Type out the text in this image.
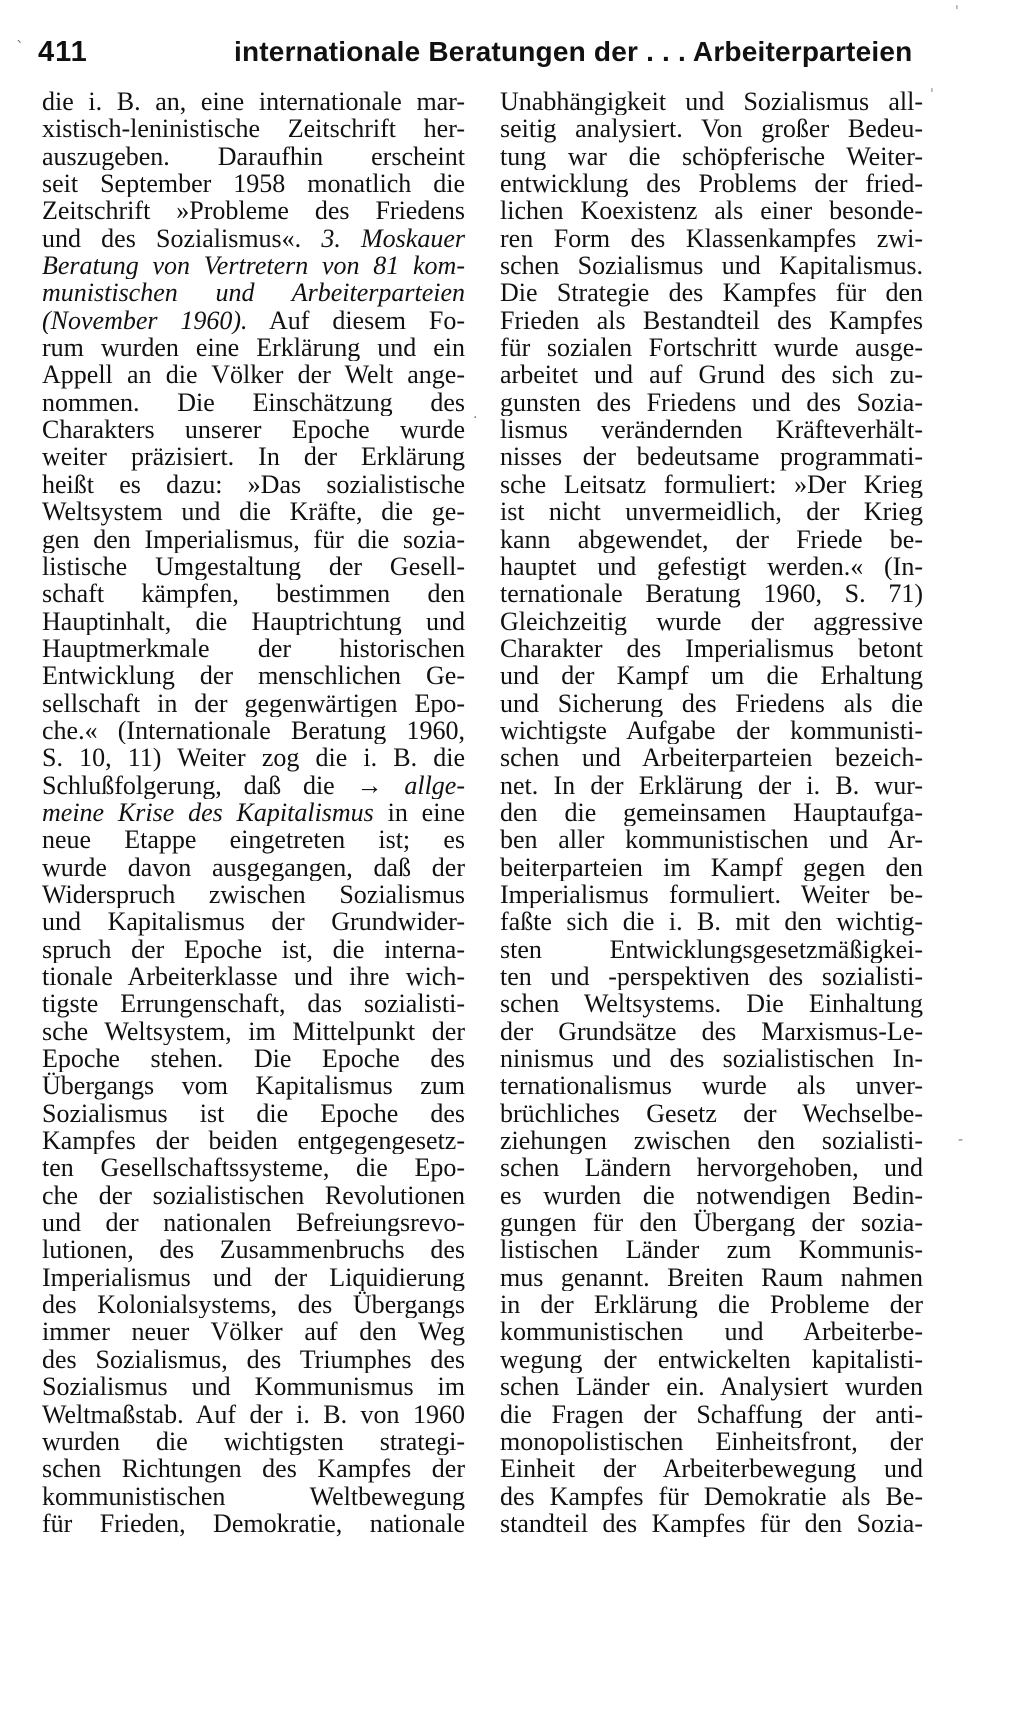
411	internationale Beratungen der . . . Arbeiterparteien
ˋ
ˈ
·
-
ˈ
die i. B. an, eine internationale mar-
xistisch-leninistische Zeitschrift her-
auszugeben. Daraufhin erscheint
seit September 1958 monatlich die
Zeitschrift »Probleme des Friedens
und des Sozialismus«. 3. Moskauer
Beratung von Vertretern von 81 kom-
munistischen und Arbeiterparteien
(November 1960). Auf diesem Fo-
rum wurden eine Erklärung und ein
Appell an die Völker der Welt ange-
nommen. Die Einschätzung des
Charakters unserer Epoche wurde
weiter präzisiert. In der Erklärung
heißt es dazu: »Das sozialistische
Weltsystem und die Kräfte, die ge-
gen den Imperialismus, für die sozia-
listische Umgestaltung der Gesell-
schaft kämpfen, bestimmen den
Hauptinhalt, die Hauptrichtung und
Hauptmerkmale der historischen
Entwicklung der menschlichen Ge-
sellschaft in der gegenwärtigen Epo-
che.« (Internationale Beratung 1960,
S. 10, 11) Weiter zog die i. B. die
Schlußfolgerung, daß die → allge-
meine Krise des Kapitalismus in eine
neue Etappe eingetreten ist; es
wurde davon ausgegangen, daß der
Widerspruch zwischen Sozialismus
und Kapitalismus der Grundwider-
spruch der Epoche ist, die interna-
tionale Arbeiterklasse und ihre wich-
tigste Errungenschaft, das sozialisti-
sche Weltsystem, im Mittelpunkt der
Epoche stehen. Die Epoche des
Übergangs vom Kapitalismus zum
Sozialismus ist die Epoche des
Kampfes der beiden entgegengesetz-
ten Gesellschaftssysteme, die Epo-
che der sozialistischen Revolutionen
und der nationalen Befreiungsrevo-
lutionen, des Zusammenbruchs des
Imperialismus und der Liquidierung
des Kolonialsystems, des Übergangs
immer neuer Völker auf den Weg
des Sozialismus, des Triumphes des
Sozialismus und Kommunismus im
Weltmaßstab. Auf der i. B. von 1960
wurden die wichtigsten strategi-
schen Richtungen des Kampfes der
kommunistischen Weltbewegung
für Frieden, Demokratie, nationale
Unabhängigkeit und Sozialismus all-
seitig analysiert. Von großer Bedeu-
tung war die schöpferische Weiter-
entwicklung des Problems der fried-
lichen Koexistenz als einer besonde-
ren Form des Klassenkampfes zwi-
schen Sozialismus und Kapitalismus.
Die Strategie des Kampfes für den
Frieden als Bestandteil des Kampfes
für sozialen Fortschritt wurde ausge-
arbeitet und auf Grund des sich zu-
gunsten des Friedens und des Sozia-
lismus verändernden Kräfteverhält-
nisses der bedeutsame programmati-
sche Leitsatz formuliert: »Der Krieg
ist nicht unvermeidlich, der Krieg
kann abgewendet, der Friede be-
hauptet und gefestigt werden.« (In-
ternationale Beratung 1960, S. 71)
Gleichzeitig wurde der aggressive
Charakter des Imperialismus betont
und der Kampf um die Erhaltung
und Sicherung des Friedens als die
wichtigste Aufgabe der kommunisti-
schen und Arbeiterparteien bezeich-
net. In der Erklärung der i. B. wur-
den die gemeinsamen Hauptaufga-
ben aller kommunistischen und Ar-
beiterparteien im Kampf gegen den
Imperialismus formuliert. Weiter be-
faßte sich die i. B. mit den wichtig-
sten Entwicklungsgesetzmäßigkei-
ten und -perspektiven des sozialisti-
schen Weltsystems. Die Einhaltung
der Grundsätze des Marxismus-Le-
ninismus und des sozialistischen In-
ternationalismus wurde als unver-
brüchliches Gesetz der Wechselbe-
ziehungen zwischen den sozialisti-
schen Ländern hervorgehoben, und
es wurden die notwendigen Bedin-
gungen für den Übergang der sozia-
listischen Länder zum Kommunis-
mus genannt. Breiten Raum nahmen
in der Erklärung die Probleme der
kommunistischen und Arbeiterbe-
wegung der entwickelten kapitalisti-
schen Länder ein. Analysiert wurden
die Fragen der Schaffung der anti-
monopolistischen Einheitsfront, der
Einheit der Arbeiterbewegung und
des Kampfes für Demokratie als Be-
standteil des Kampfes für den Sozia-
